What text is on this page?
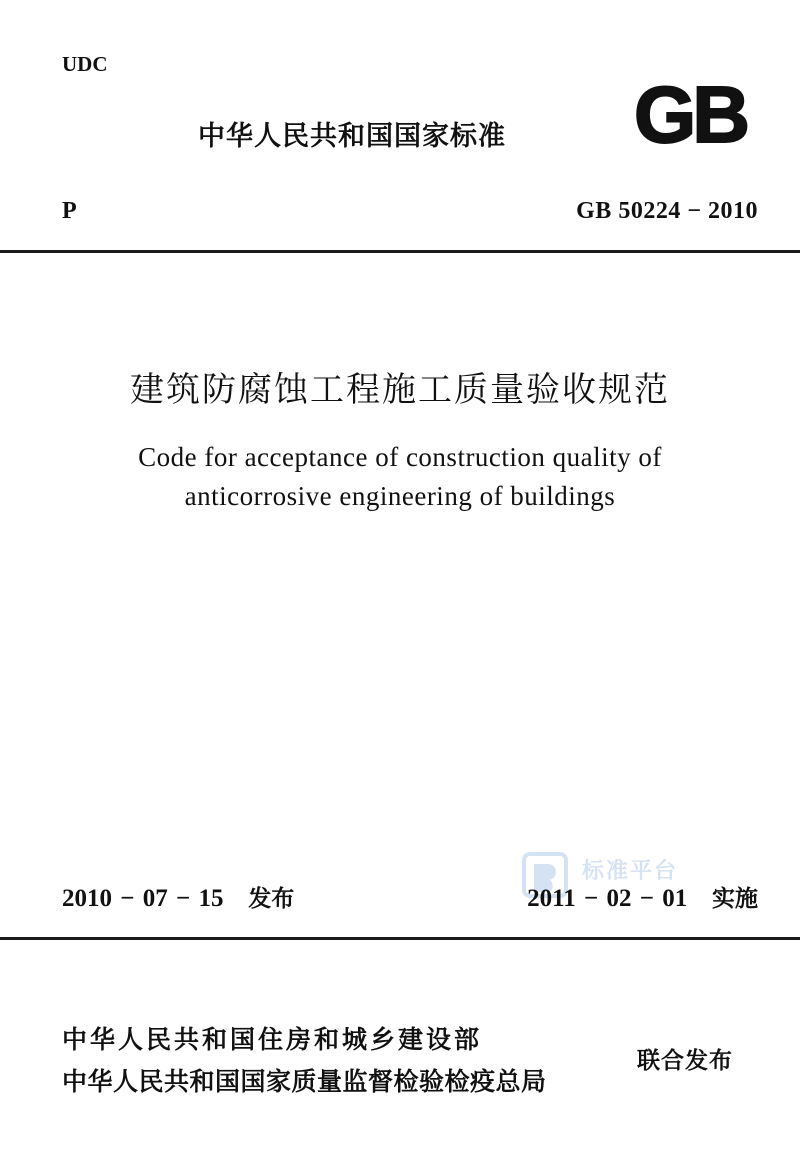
UDC
中华人民共和国国家标准 GB
P	GB 50224 − 2010
建筑防腐蚀工程施工质量验收规范
Code for acceptance of construction quality of
anticorrosive engineering of buildings
标准平台
2010 − 07 − 15 发布	2011 − 02 − 01 实施
中华人民共和国住房和城乡建设部
中华人民共和国国家质量监督检验检疫总局
联合发布
